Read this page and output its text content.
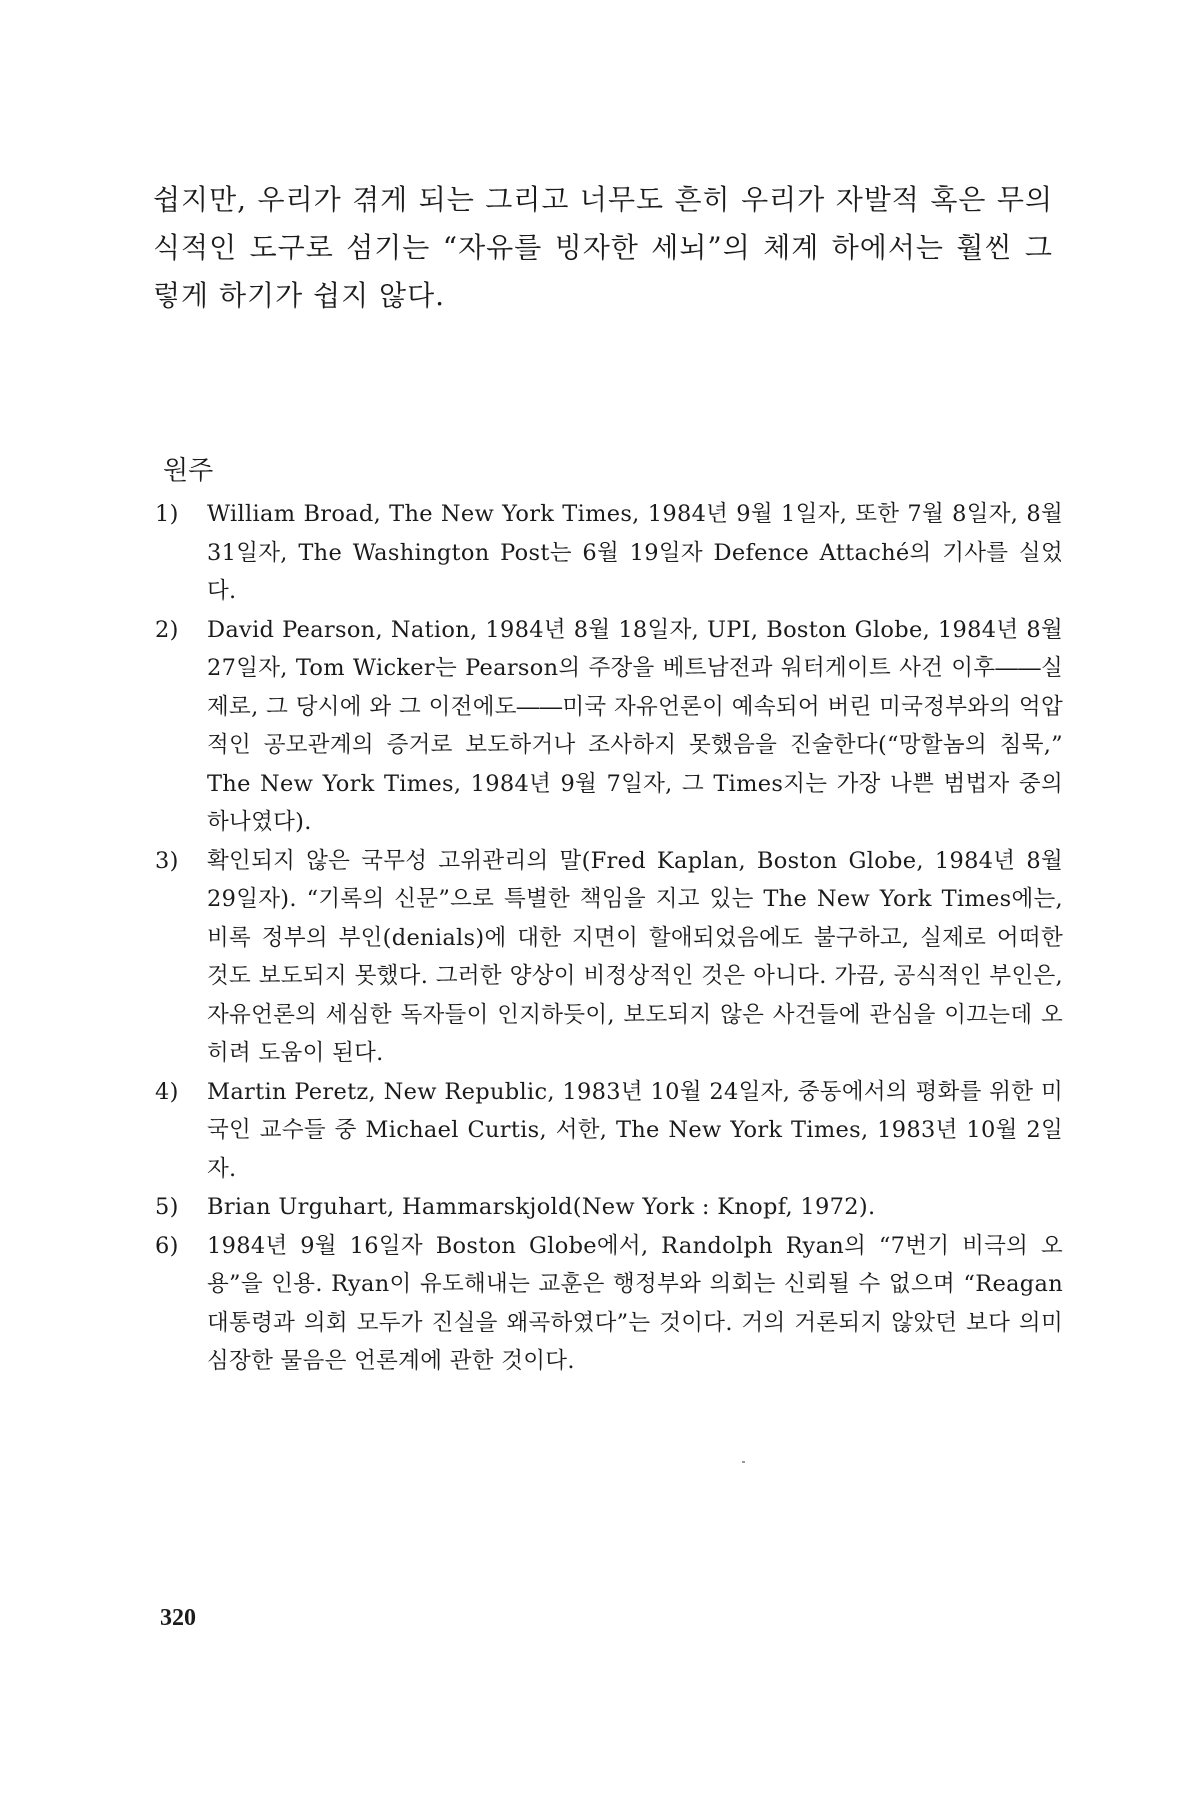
쉽지만, 우리가 겪게 되는 그리고 너무도 흔히 우리가 자발적 혹은 무의식적인 도구로 섬기는 “자유를 빙자한 세뇌”의 체계 하에서는 훨씬 그렇게 하기가 쉽지 않다.

원주
1)	William Broad, The New York Times, 1984년 9월 1일자, 또한 7월 8일자, 8월 31일자, The Washington Post는 6월 19일자 Defence Attaché의 기사를 실었다.
2)	David Pearson, Nation, 1984년 8월 18일자, UPI, Boston Globe, 1984년 8월 27일자, Tom Wicker는 Pearson의 주장을 베트남전과 워터게이트 사건 이후――실제로, 그 당시에 와 그 이전에도――미국 자유언론이 예속되어 버린 미국정부와의 억압적인 공모관계의 증거로 보도하거나 조사하지 못했음을 진술한다(“망할놈의 침묵,” The New York Times, 1984년 9월 7일자, 그 Times지는 가장 나쁜 범법자 중의 하나였다).
3)	확인되지 않은 국무성 고위관리의 말(Fred Kaplan, Boston Globe, 1984년 8월 29일자). “기록의 신문”으로 특별한 책임을 지고 있는 The New York Times에는, 비록 정부의 부인(denials)에 대한 지면이 할애되었음에도 불구하고, 실제로 어떠한 것도 보도되지 못했다. 그러한 양상이 비정상적인 것은 아니다. 가끔, 공식적인 부인은, 자유언론의 세심한 독자들이 인지하듯이, 보도되지 않은 사건들에 관심을 이끄는데 오히려 도움이 된다.
4)	Martin Peretz, New Republic, 1983년 10월 24일자, 중동에서의 평화를 위한 미국인 교수들 중 Michael Curtis, 서한, The New York Times, 1983년 10월 2일자.
5)	Brian Urguhart, Hammarskjold(New York : Knopf, 1972).
6)	1984년 9월 16일자 Boston Globe에서, Randolph Ryan의 “7번기 비극의 오용”을 인용. Ryan이 유도해내는 교훈은 행정부와 의회는 신뢰될 수 없으며 “Reagan대통령과 의회 모두가 진실을 왜곡하였다”는 것이다. 거의 거론되지 않았던 보다 의미심장한 물음은 언론계에 관한 것이다.
320
